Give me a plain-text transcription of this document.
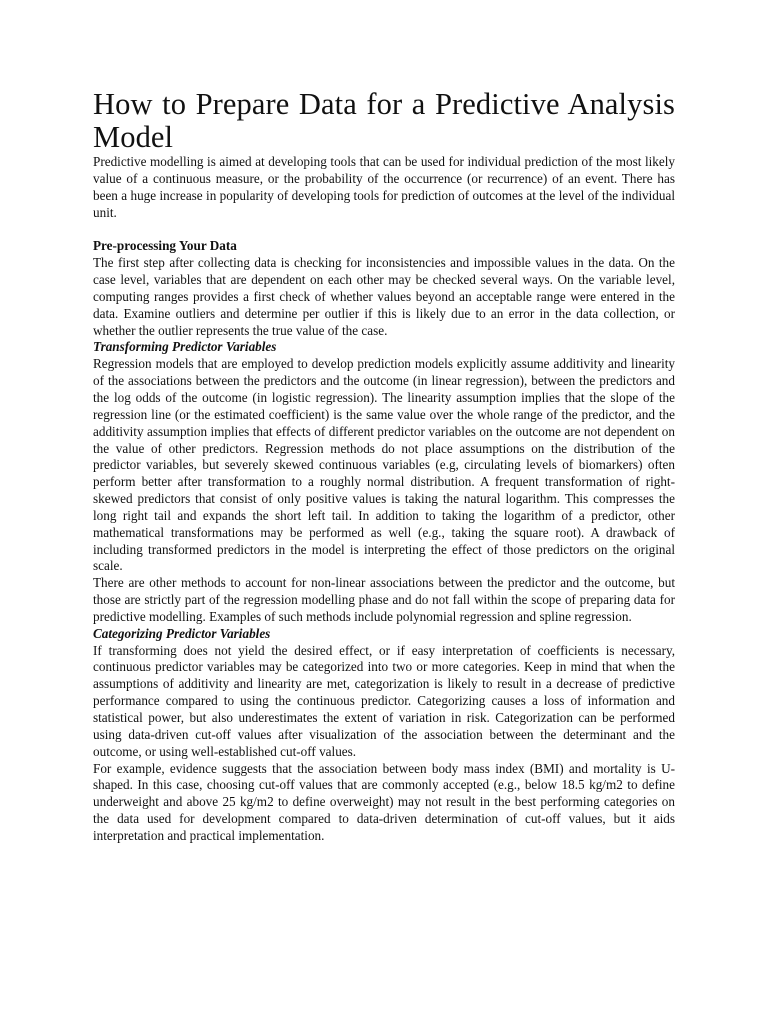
How to Prepare Data for a Predictive Analysis Model

Predictive modelling is aimed at developing tools that can be used for individual prediction of the most likely value of a continuous measure, or the probability of the occurrence (or recurrence) of an event. There has been a huge increase in popularity of developing tools for prediction of outcomes at the level of the individual unit.

Pre-processing Your Data

The first step after collecting data is checking for inconsistencies and impossible values in the data. On the case level, variables that are dependent on each other may be checked several ways. On the variable level, computing ranges provides a first check of whether values beyond an acceptable range were entered in the data. Examine outliers and determine per outlier if this is likely due to an error in the data collection, or whether the outlier represents the true value of the case.

Transforming Predictor Variables

Regression models that are employed to develop prediction models explicitly assume additivity and linearity of the associations between the predictors and the outcome (in linear regression), between the predictors and the log odds of the outcome (in logistic regression). The linearity assumption implies that the slope of the regression line (or the estimated coefficient) is the same value over the whole range of the predictor, and the additivity assumption implies that effects of different predictor variables on the outcome are not dependent on the value of other predictors. Regression methods do not place assumptions on the distribution of the predictor variables, but severely skewed continuous variables (e.g, circulating levels of biomarkers) often perform better after transformation to a roughly normal distribution. A frequent transformation of right-skewed predictors that consist of only positive values is taking the natural logarithm. This compresses the long right tail and expands the short left tail. In addition to taking the logarithm of a predictor, other mathematical transformations may be performed as well (e.g., taking the square root). A drawback of including transformed predictors in the model is interpreting the effect of those predictors on the original scale.

There are other methods to account for non-linear associations between the predictor and the outcome, but those are strictly part of the regression modelling phase and do not fall within the scope of preparing data for predictive modelling. Examples of such methods include polynomial regression and spline regression.

Categorizing Predictor Variables

If transforming does not yield the desired effect, or if easy interpretation of coefficients is necessary, continuous predictor variables may be categorized into two or more categories. Keep in mind that when the assumptions of additivity and linearity are met, categorization is likely to result in a decrease of predictive performance compared to using the continuous predictor. Categorizing causes a loss of information and statistical power, but also underestimates the extent of variation in risk. Categorization can be performed using data-driven cut-off values after visualization of the association between the determinant and the outcome, or using well-established cut-off values.

For example, evidence suggests that the association between body mass index (BMI) and mortality is U-shaped. In this case, choosing cut-off values that are commonly accepted (e.g., below 18.5 kg/m2 to define underweight and above 25 kg/m2 to define overweight) may not result in the best performing categories on the data used for development compared to data-driven determination of cut-off values, but it aids interpretation and practical implementation.
